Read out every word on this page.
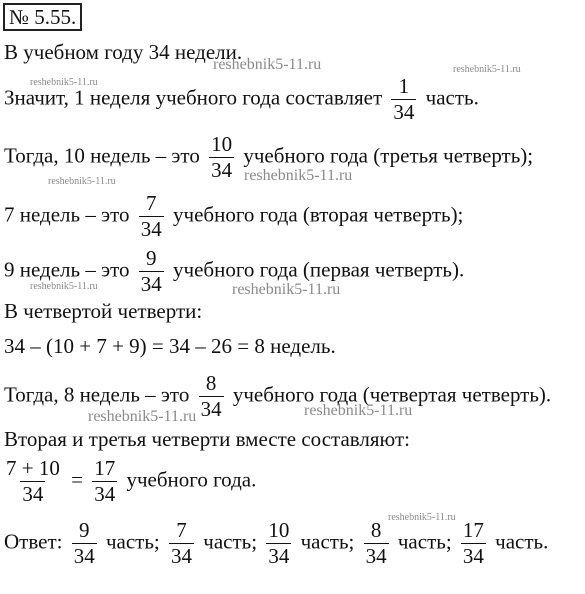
№ 5.55.
В учебном году 34 недели.
Значит, 1 неделя учебного года составляет $\frac{1}{34}$ часть.
Тогда, 10 недель – это $\frac{10}{34}$ учебного года (третья четверть);
7 недель – это $\frac{7}{34}$ учебного года (вторая четверть);
9 недель – это $\frac{9}{34}$ учебного года (первая четверть).
В четвертой четверти:
34 – (10 + 7 + 9) = 34 – 26 = 8 недель.
Тогда, 8 недель – это $\frac{8}{34}$ учебного года (четвертая четверть).
Вторая и третья четверти вместе составляют:
$\frac{7 + 10}{34} = \frac{17}{34}$ учебного года.
Ответ: $\frac{9}{34}$ часть; $\frac{7}{34}$ часть; $\frac{10}{34}$ часть; $\frac{8}{34}$ часть; $\frac{17}{34}$ часть.
reshebnik5-11.ru	reshebnik5-11.ru
reshebnik5-11.ru
reshebnik5-11.ru	reshebnik5-11.ru
reshebnik5-11.ru	reshebnik5-11.ru
reshebnik5-11.ru	reshebnik5-11.ru
reshebnik5-11.ru
